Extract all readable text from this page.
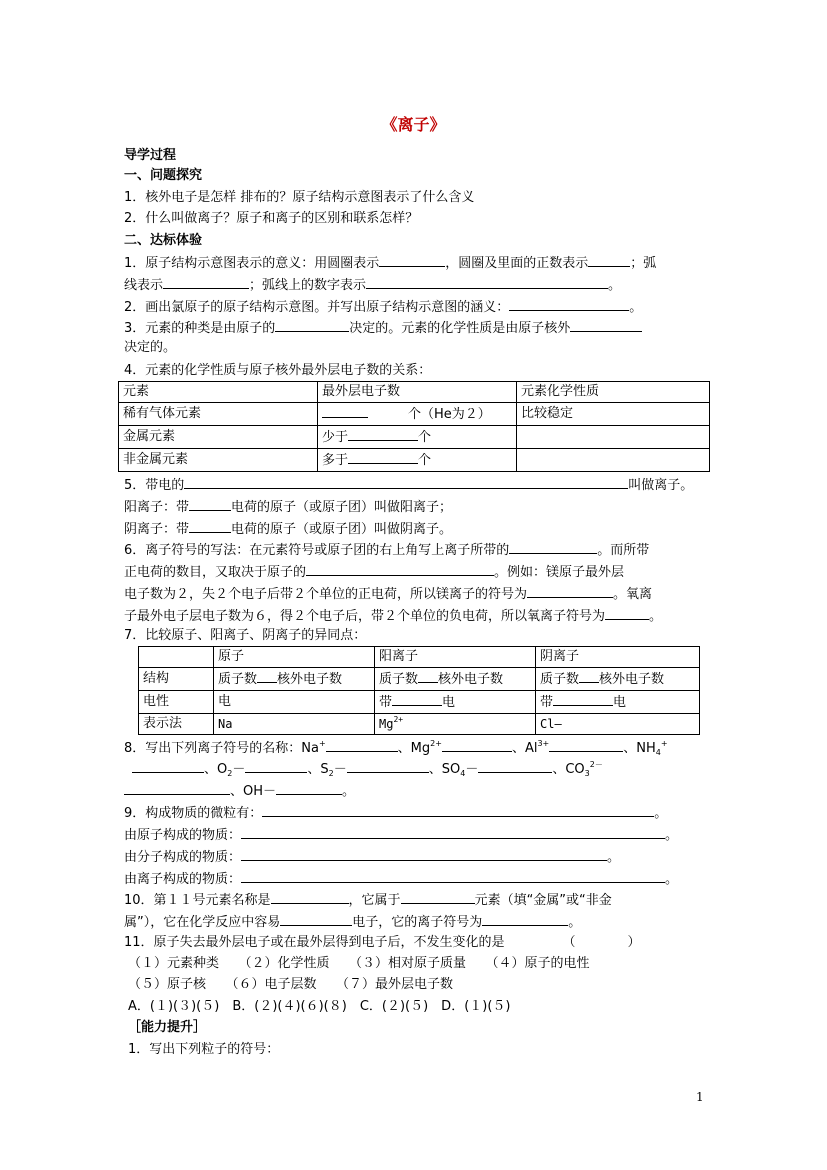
《离子》
导学过程
一、问题探究
1．核外电子是怎样 排布的？原子结构示意图表示了什么含义
2．什么叫做离子？原子和离子的区别和联系怎样？
二、达标体验
1．原子结构示意图表示的意义：用圆圈表示	，圆圈及里面的正数表示	；弧
线表示	；弧线上的数字表示	。
2．画出氯原子的原子结构示意图。并写出原子结构示意图的涵义：	。
3．元素的种类是由原子的	决定的。元素的化学性质是由原子核外
决定的。
4．元素的化学性质与原子核外最外层电子数的关系：
元素	最外层电子数	元素化学性质
稀有气体元素	个（He为２）	比较稳定
金属元素	少于 个	
非金属元素	多于 个	
5．带电的	叫做离子。
阳离子：带	电荷的原子（或原子团）叫做阳离子；
阴离子：带	电荷的原子（或原子团）叫做阴离子。
6．离子符号的写法：在元素符号或原子团的右上角写上离子所带的	。而所带
正电荷的数目，又取决于原子的	。例如：镁原子最外层
电子数为２，失２个电子后带２个单位的正电荷，所以镁离子的符号为	。氧离
子最外电子层电子数为６，得２个电子后，带２个单位的负电荷，所以氧离子符号为	。
7．比较原子、阳离子、阴离子的异同点：
	原子	阳离子	阴离子
结构	质子数 核外电子数	质子数 核外电子数	质子数 核外电子数
电性	电	带 电	带 电
表示法	Na	$Mg^{2+}$	Cl—
8．写出下列离子符号的名称：Na+	、$Mg^{2+}$	、$Al^{3+}$	、$NH_4^+$
、$O_2-$	、$S_2-$	、$SO_4-$	、$CO_3^{2-}$
、OH－	。
9．构成物质的微粒有：	。
由原子构成的物质：	。
由分子构成的物质：	。
由离子构成的物质：	。
10．第１１号元素名称是	，它属于	元素（填“金属”或“非金
属”），它在化学反应中容易	电子，它的离子符号为	。
11．原子失去最外层电子或在最外层得到电子后，不发生变化的是	（　　　　）
（１）元素种类　　（２）化学性质　　（３）相对原子质量　　（４）原子的电性
（５）原子核　　（６）电子层数　　（７）最外层电子数
A．(１)(３)(５)　B．(２)(４)(６)(８)　C．(２)(５)　D．(１)(５)
［能力提升］
1．写出下列粒子的符号：
1
